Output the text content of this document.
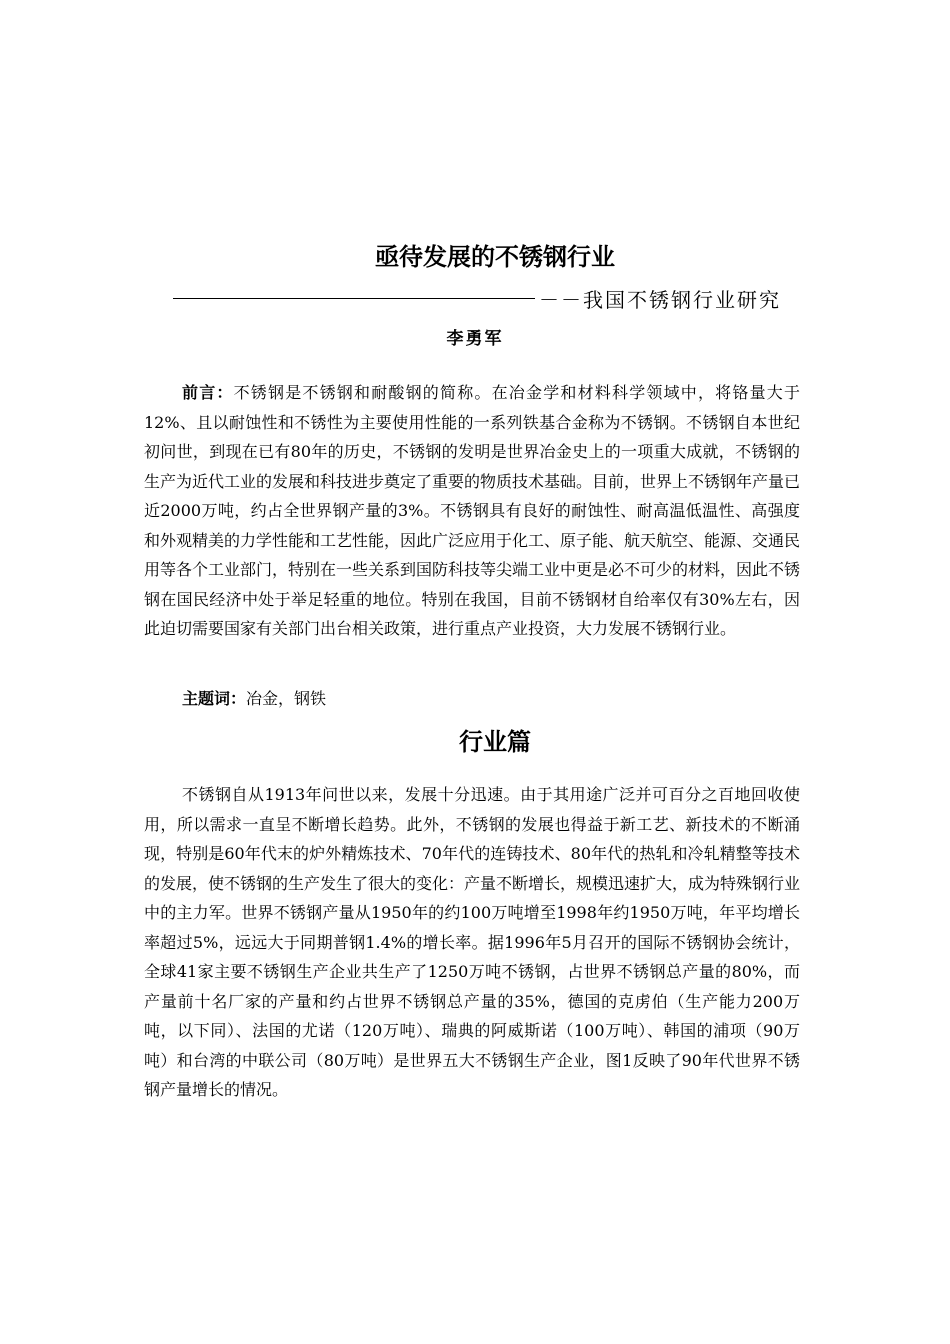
亟待发展的不锈钢行业
－－我国不锈钢行业研究
李勇军

前言：不锈钢是不锈钢和耐酸钢的简称。在冶金学和材料科学领域中，将铬量大于12%、且以耐蚀性和不锈性为主要使用性能的一系列铁基合金称为不锈钢。不锈钢自本世纪初问世，到现在已有80年的历史，不锈钢的发明是世界冶金史上的一项重大成就，不锈钢的生产为近代工业的发展和科技进步奠定了重要的物质技术基础。目前，世界上不锈钢年产量已近2000万吨，约占全世界钢产量的3%。不锈钢具有良好的耐蚀性、耐高温低温性、高强度和外观精美的力学性能和工艺性能，因此广泛应用于化工、原子能、航天航空、能源、交通民用等各个工业部门，特别在一些关系到国防科技等尖端工业中更是必不可少的材料，因此不锈钢在国民经济中处于举足轻重的地位。特别在我国，目前不锈钢材自给率仅有30%左右，因此迫切需要国家有关部门出台相关政策，进行重点产业投资，大力发展不锈钢行业。

主题词：冶金，钢铁

行业篇

不锈钢自从1913年问世以来，发展十分迅速。由于其用途广泛并可百分之百地回收使用，所以需求一直呈不断增长趋势。此外，不锈钢的发展也得益于新工艺、新技术的不断涌现，特别是60年代末的炉外精炼技术、70年代的连铸技术、80年代的热轧和冷轧精整等技术的发展，使不锈钢的生产发生了很大的变化：产量不断增长，规模迅速扩大，成为特殊钢行业中的主力军。世界不锈钢产量从1950年的约100万吨增至1998年约1950万吨，年平均增长率超过5%，远远大于同期普钢1.4%的增长率。据1996年5月召开的国际不锈钢协会统计，全球41家主要不锈钢生产企业共生产了1250万吨不锈钢，占世界不锈钢总产量的80%，而产量前十名厂家的产量和约占世界不锈钢总产量的35%，德国的克虏伯（生产能力200万吨，以下同）、法国的尤诺（120万吨）、瑞典的阿威斯诺（100万吨）、韩国的浦项（90万吨）和台湾的中联公司（80万吨）是世界五大不锈钢生产企业，图1反映了90年代世界不锈钢产量增长的情况。
